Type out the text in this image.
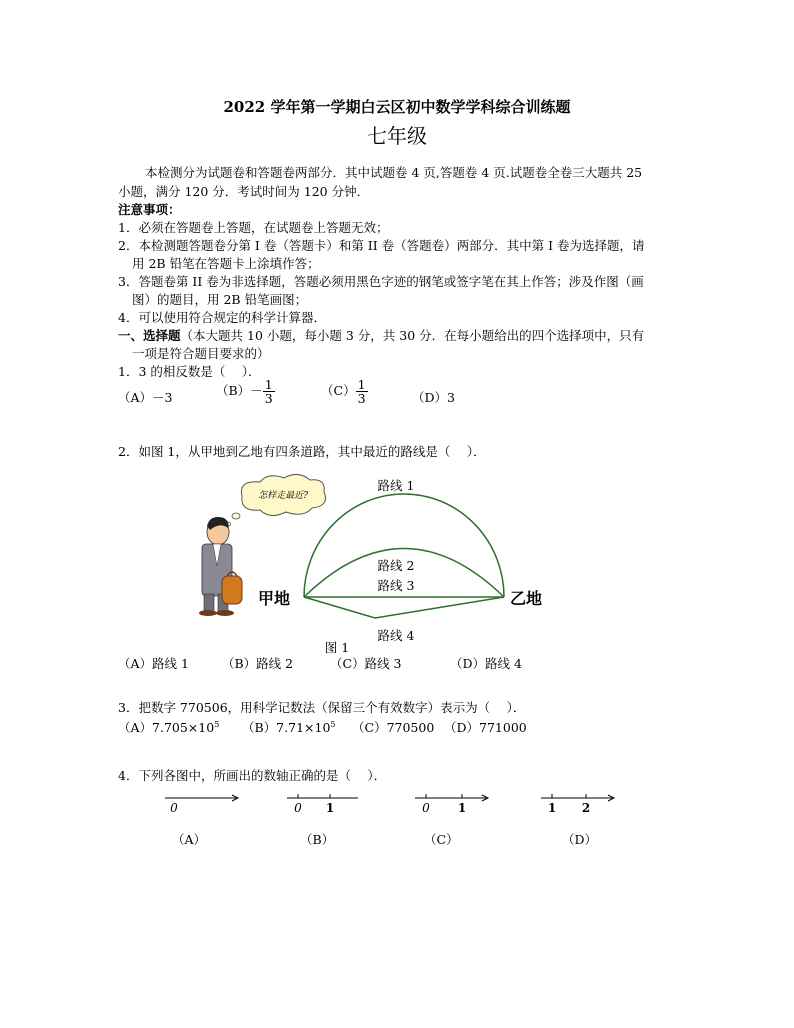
2022 学年第一学期白云区初中数学学科综合训练题
七年级
本检测分为试题卷和答题卷两部分．其中试题卷 4 页,答题卷 4 页.试题卷全卷三大题共 25
小题，满分 120 分．考试时间为 120 分钟．
注意事项：
1．必须在答题卷上答题，在试题卷上答题无效；
2．本检测题答题卷分第 I 卷（答题卡）和第 II 卷（答题卷）两部分．其中第 I 卷为选择题，请
用 2B 铅笔在答题卡上涂填作答；
3．答题卷第 II 卷为非选择题，答题必须用黑色字迹的钢笔或签字笔在其上作答；涉及作图（画
图）的题目，用 2B 铅笔画图；
4．可以使用符合规定的科学计算器．
一、选择题（本大题共 10 小题，每小题 3 分，共 30 分．在每小题给出的四个选择项中，只有
一项是符合题目要求的）
1．3 的相反数是（　 ）．
（A）－3	$(B)- \frac{1}{3}$	$(C) \frac{1}{3}$	（D）3
2．如图 1，从甲地到乙地有四条道路，其中最近的路线是（　 ）．
怎样走最近?
路线 1
路线 2
路线 3
路线 4
甲地	乙地
图 1
（A）路线 1	（B）路线 2	（C）路线 3	（D）路线 4
3．把数字 770506，用科学记数法（保留三个有效数字）表示为（　 ）．
$(A)7.705\times 10^5$ $(B)7.71\times 10^5$ （C）770500 （D）771000
4．下列各图中，所画出的数轴正确的是（　 ）．
0	0 1	0 1	1 2
（A）	（B）	（C）	（D）
